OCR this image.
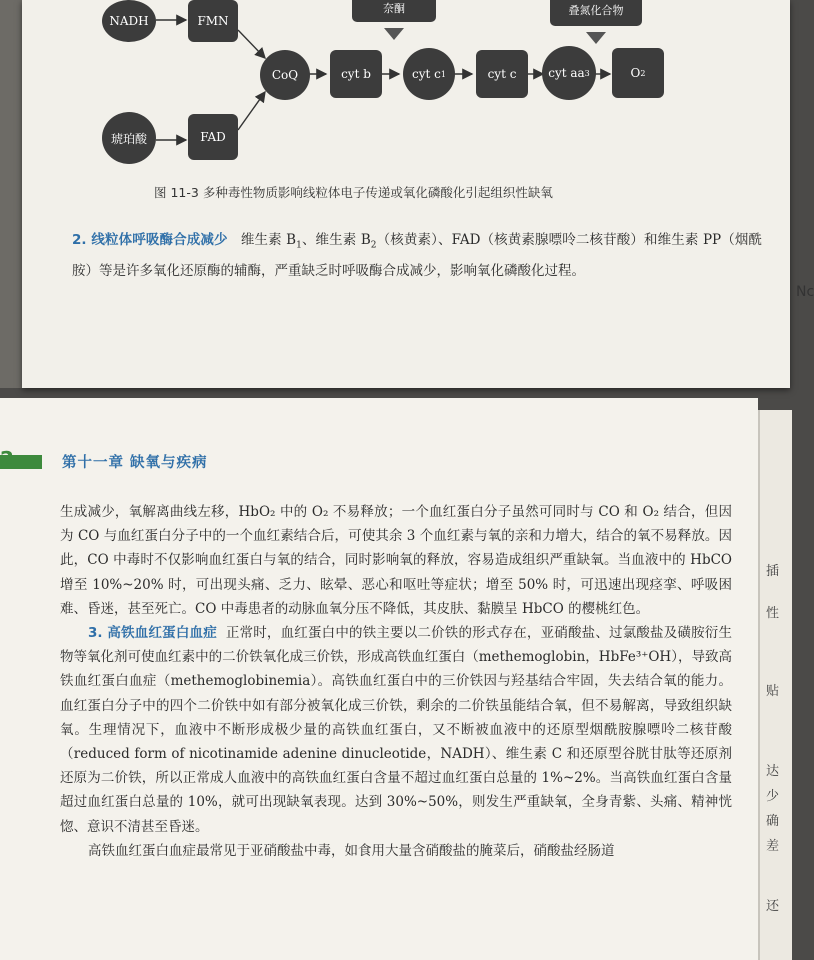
NADH	FMN
琥珀酸	FAD
CoQ	cyt b	cyt c 1	cyt c	cyt aa 3	O 2
奈酮	叠氮化合物
图 11-3 多种毒性物质影响线粒体电子传递或氧化磷酸化引起组织性缺氧
2. 线粒体呼吸酶合成减少 维生素 $B_1$、维生素 $B_2$（核黄素）、FAD（核黄素腺嘌呤二核苷酸）和维生素 PP（烟酰胺）等是许多氧化还原酶的辅酶，严重缺乏时呼吸酶合成减少，影响氧化磷酸化过程。
Nc
插
性
贴
达
少
确
差
还
2	第十一章 缺氧与疾病

生成减少，氧解离曲线左移，HbO₂ 中的 O₂ 不易释放；一个血红蛋白分子虽然可同时与 CO 和 O₂ 结合，但因为 CO 与血红蛋白分子中的一个血红素结合后，可使其余 3 个血红素与氧的亲和力增大，结合的氧不易释放。因此，CO 中毒时不仅影响血红蛋白与氧的结合，同时影响氧的释放，容易造成组织严重缺氧。当血液中的 HbCO 增至 10%~20% 时，可出现头痛、乏力、眩晕、恶心和呕吐等症状；增至 50% 时，可迅速出现痉挛、呼吸困难、昏迷，甚至死亡。CO 中毒患者的动脉血氧分压不降低，其皮肤、黏膜呈 HbCO 的樱桃红色。

3. 高铁血红蛋白血症 正常时，血红蛋白中的铁主要以二价铁的形式存在，亚硝酸盐、过氯酸盐及磺胺衍生物等氧化剂可使血红素中的二价铁氧化成三价铁，形成高铁血红蛋白（methemoglobin，HbFe³⁺OH），导致高铁血红蛋白血症（methemoglobinemia）。高铁血红蛋白中的三价铁因与羟基结合牢固，失去结合氧的能力。血红蛋白分子中的四个二价铁中如有部分被氧化成三价铁，剩余的二价铁虽能结合氧，但不易解离，导致组织缺氧。生理情况下，血液中不断形成极少量的高铁血红蛋白，又不断被血液中的还原型烟酰胺腺嘌呤二核苷酸（reduced form of nicotinamide adenine dinucleotide，NADH）、维生素 C 和还原型谷胱甘肽等还原剂还原为二价铁，所以正常成人血液中的高铁血红蛋白含量不超过血红蛋白总量的 1%~2%。当高铁血红蛋白含量超过血红蛋白总量的 10%，就可出现缺氧表现。达到 30%~50%，则发生严重缺氧，全身青紫、头痛、精神恍惚、意识不清甚至昏迷。

高铁血红蛋白血症最常见于亚硝酸盐中毒，如食用大量含硝酸盐的腌菜后，硝酸盐经肠道
